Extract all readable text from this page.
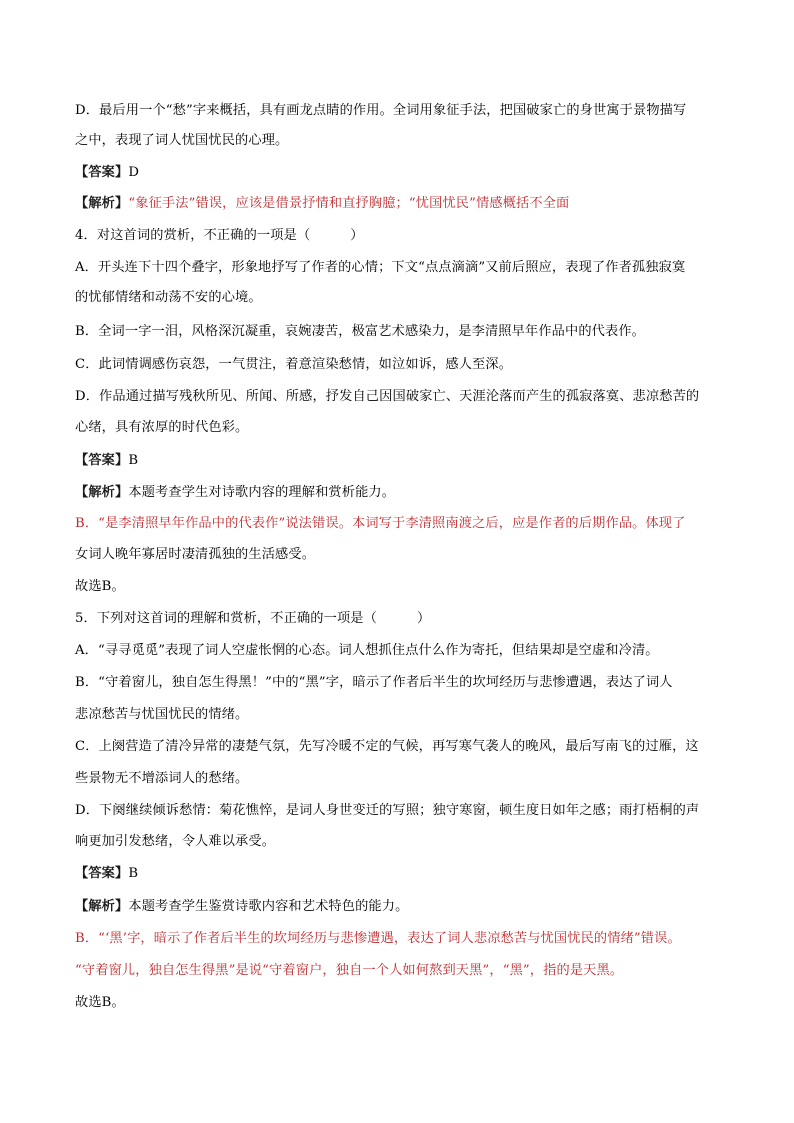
D．最后用一个“愁”字来概括，具有画龙点睛的作用。全词用象征手法，把国破家亡的身世寓于景物描写
之中，表现了词人忧国忧民的心理。
【答案】D
【解析】“象征手法”错误，应该是借景抒情和直抒胸臆；“忧国忧民”情感概括不全面
4．对这首词的赏析，不正确的一项是（　　　）
A．开头连下十四个叠字，形象地抒写了作者的心情；下文“点点滴滴”又前后照应，表现了作者孤独寂寞
的忧郁情绪和动荡不安的心境。
B．全词一字一泪，风格深沉凝重，哀婉凄苦，极富艺术感染力，是李清照早年作品中的代表作。
C．此词情调感伤哀怨，一气贯注，着意渲染愁情，如泣如诉，感人至深。
D．作品通过描写残秋所见、所闻、所感，抒发自己因国破家亡、天涯沦落而产生的孤寂落寞、悲凉愁苦的
心绪，具有浓厚的时代色彩。
【答案】B
【解析】本题考查学生对诗歌内容的理解和赏析能力。
B．“是李清照早年作品中的代表作”说法错误。本词写于李清照南渡之后，应是作者的后期作品。体现了
女词人晚年寡居时凄清孤独的生活感受。
故选B。
5．下列对这首词的理解和赏析，不正确的一项是（　　　）
A．“寻寻觅觅”表现了词人空虚怅惘的心态。词人想抓住点什么作为寄托，但结果却是空虚和冷清。
B．“守着窗儿，独自怎生得黑！”中的“黑”字，暗示了作者后半生的坎坷经历与悲惨遭遇，表达了词人
悲凉愁苦与忧国忧民的情绪。
C．上阕营造了清冷异常的凄楚气氛，先写冷暖不定的气候，再写寒气袭人的晚风，最后写南飞的过雁，这
些景物无不增添词人的愁绪。
D．下阕继续倾诉愁情：菊花憔悴，是词人身世变迁的写照；独守寒窗，顿生度日如年之感；雨打梧桐的声
响更加引发愁绪，令人难以承受。
【答案】B
【解析】本题考查学生鉴赏诗歌内容和艺术特色的能力。
B．“‘黑’字，暗示了作者后半生的坎坷经历与悲惨遭遇，表达了词人悲凉愁苦与忧国忧民的情绪”错误。
“守着窗儿，独自怎生得黑”是说“守着窗户，独自一个人如何熬到天黑”，“黑”，指的是天黑。
故选B。
